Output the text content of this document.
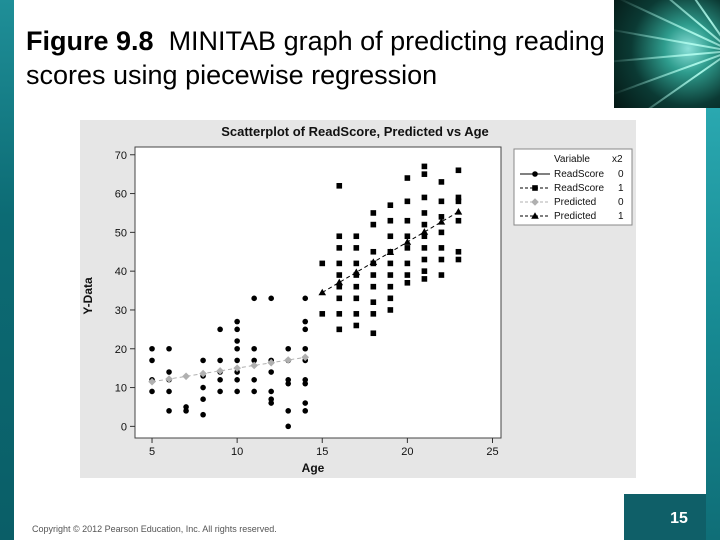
Figure 9.8 MINITAB graph of predicting reading scores using piecewise regression
Scatterplot of ReadScore, Predicted vs Age
5	10	15	20	25
0
10
20
30
40
50
60
70
Age
Y-Data
Variable x2
ReadScore 0
ReadScore 1
Predicted 0
Predicted 1
Copyright © 2012 Pearson Education, Inc. All rights reserved.
15
